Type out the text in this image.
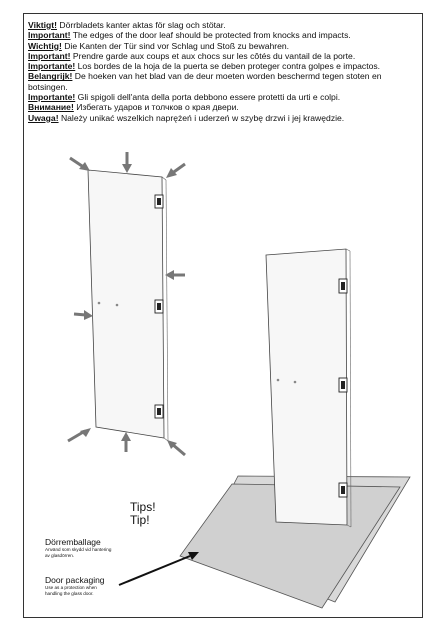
Viktigt! Dörrbladets kanter aktas för slag och stötar.

Important! The edges of the door leaf should be protected from knocks and impacts.

Wichtig! Die Kanten der Tür sind vor Schlag und Stoß zu bewahren.

Important! Prendre garde aux coups et aux chocs sur les côtés du vantail de la porte.

Importante! Los bordes de la hoja de la puerta se deben proteger contra golpes e impactos.

Belangrijk! De hoeken van het blad van de deur moeten worden beschermd tegen stoten en botsingen.

Importante! Gli spigoli dell'anta della porta debbono essere protetti da urti e colpi.

Внимание! Избегать ударов и толчков о края двери.

Uwaga! Należy unikać wszelkich naprężeń i uderzeń w szybę drzwi i jej krawędzie.

Tips!
Tip!
Dörremballage
Använd som skydd vid hantering av glasdörren.
Door packaging
Use as a protection when handling the glass door.
